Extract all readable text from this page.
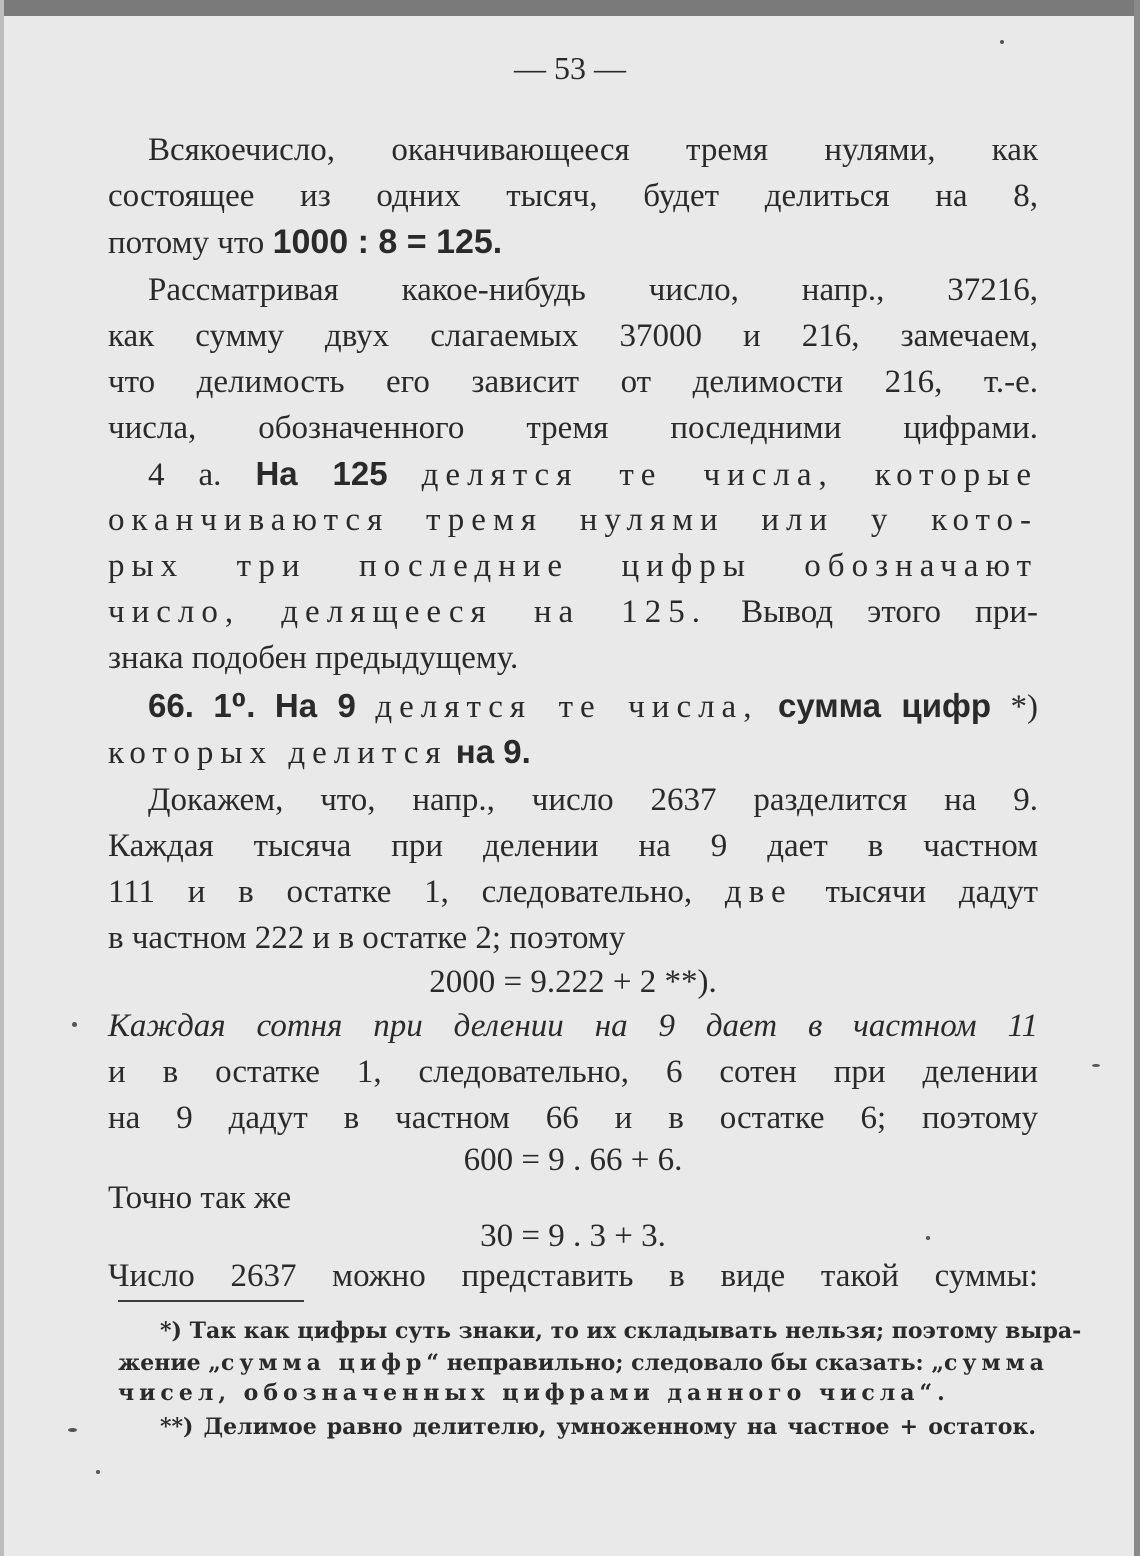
— 53 —
Всякоечисло, оканчивающееся тремя нулями, как
состоящее из одних тысяч, будет делиться на 8,
потому что 1000 : 8 = 125.
Рассматривая какое-нибудь число, напр., 37216,
как сумму двух слагаемых 37000 и 216, замечаем,
что делимость его зависит от делимости 216, т.-е.
числа, обозначенного тремя последними цифрами.
4 а. На 125 делятся те числа, которые
оканчиваются тремя нулями или у кото-
рых три последние цифры обозначают
число, делящееся на 125. Вывод этого при-
знака подобен предыдущему.
66. 1⁰. На 9 делятся те числа, сумма цифр *)
которых делится на 9.
Докажем, что, напр., число 2637 разделится на 9.
Каждая тысяча при делении на 9 дает в частном
111 и в остатке 1, следовательно, две тысячи дадут
в частном 222 и в остатке 2; поэтому
2000 = 9.222 + 2 **).
Каждая сотня при делении на 9 дает в частном 11
и в остатке 1, следовательно, 6 сотен при делении
на 9 дадут в частном 66 и в остатке 6; поэтому
600 = 9 . 66 + 6.
Точно так же
30 = 9 . 3 + 3.
Число 2637 можно представить в виде такой суммы:
*) Так как цифры суть знаки, то их складывать нельзя; поэтому выра-
жение „сумма цифр“ неправильно; следовало бы сказать: „сумма
чисел, обозначенных цифрами данного числа“.
**) Делимое равно делителю, умноженному на частное + остаток.
